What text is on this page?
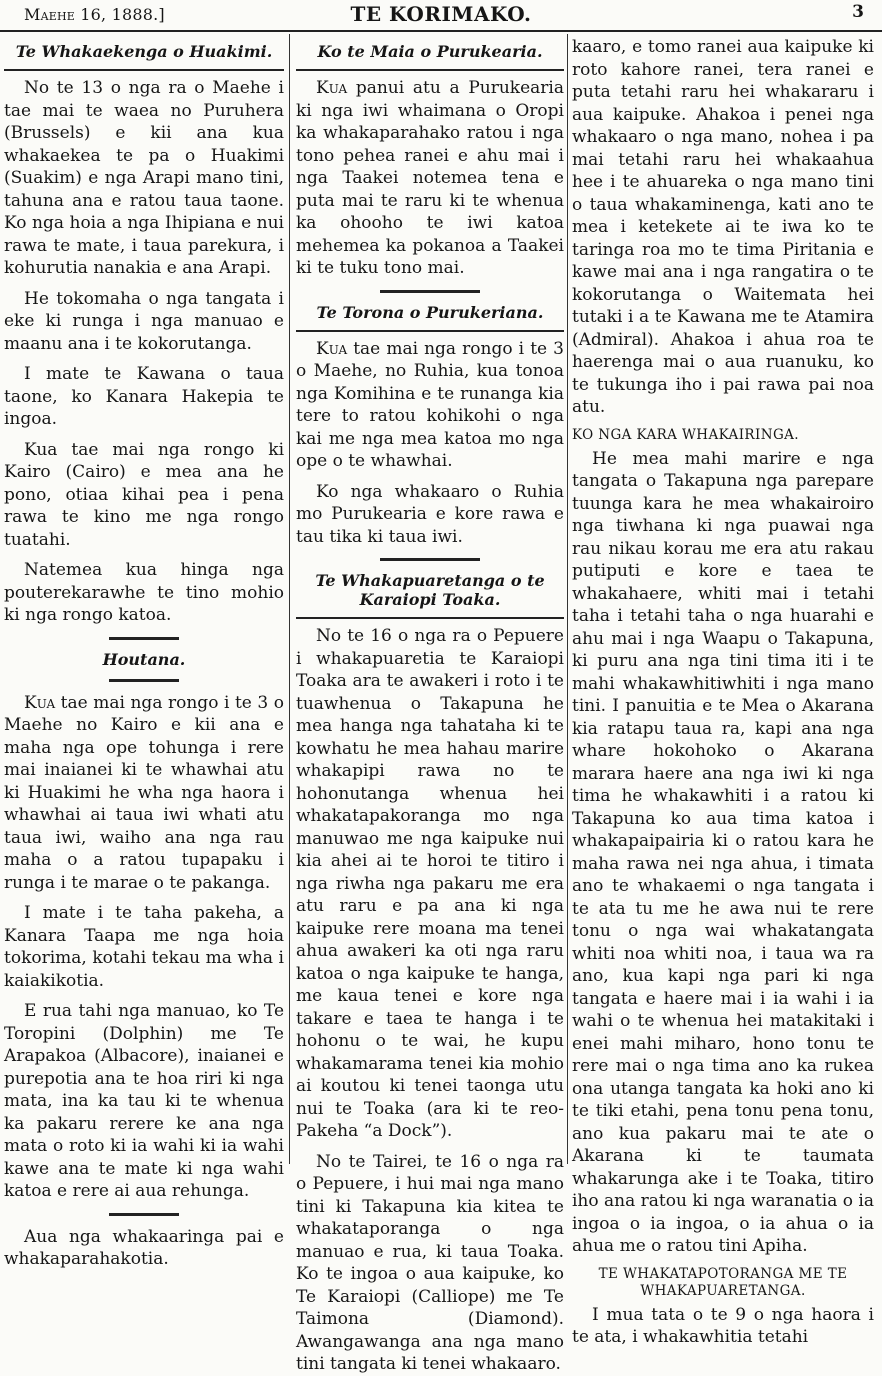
Maehe 16, 1888.]	TE KORIMAKO.	3
Te Whakaekenga o Huakimi.

No te 13 o nga ra o Maehe i tae mai te waea no Puruhera (Brussels) e kii ana kua whakaekea te pa o Huakimi (Suakim) e nga Arapi mano tini, tahuna ana e ratou taua taone. Ko nga hoia a nga Ihipiana e nui rawa te mate, i taua parekura, i kohurutia nanakia e ana Arapi.

He tokomaha o nga tangata i eke ki runga i nga manuao e maanu ana i te kokorutanga.

I mate te Kawana o taua taone, ko Kanara Hakepia te ingoa.

Kua tae mai nga rongo ki Kairo (Cairo) e mea ana he pono, otiaa kihai pea i pena rawa te kino me nga rongo tuatahi.

Natemea kua hinga nga pouterekarawhe te tino mohio ki nga rongo katoa.

Houtana.

Kua tae mai nga rongo i te 3 o Maehe no Kairo e kii ana e maha nga ope tohunga i rere mai inaianei ki te whawhai atu ki Huakimi he wha nga haora i whawhai ai taua iwi whati atu taua iwi, waiho ana nga rau maha o a ratou tupapaku i runga i te marae o te pakanga.

I mate i te taha pakeha, a Kanara Taapa me nga hoia tokorima, kotahi tekau ma wha i kaiakikotia.

E rua tahi nga manuao, ko Te Toropini (Dolphin) me Te Arapakoa (Albacore), inaianei e purepotia ana te hoa riri ki nga mata, ina ka tau ki te whenua ka pakaru rerere ke ana nga mata o roto ki ia wahi ki ia wahi kawe ana te mate ki nga wahi katoa e rere ai aua rehunga.

Aua nga whakaaringa pai e whakaparahakotia.

Ko te Maia o Purukearia.

Kua panui atu a Purukearia ki nga iwi whaimana o Oropi ka whakaparahako ratou i nga tono pehea ranei e ahu mai i nga Taakei notemea tena e puta mai te raru ki te whenua ka ohooho te iwi katoa mehemea ka pokanoa a Taakei ki te tuku tono mai.

Te Torona o Purukeriana.

Kua tae mai nga rongo i te 3 o Maehe, no Ruhia, kua tonoa nga Komihina e te runanga kia tere to ratou kohikohi o nga kai me nga mea katoa mo nga ope o te whawhai.

Ko nga whakaaro o Ruhia mo Purukearia e kore rawa e tau tika ki taua iwi.

Te Whakapuaretanga o te Karaiopi Toaka.

No te 16 o nga ra o Pepuere i whakapuaretia te Karaiopi Toaka ara te awakeri i roto i te tuawhenua o Takapuna he mea hanga nga tahataha ki te kowhatu he mea hahau marire whakapipi rawa no te hohonutanga whenua hei whakatapakoranga mo nga manuwao me nga kaipuke nui kia ahei ai te horoi te titiro i nga riwha nga pakaru me era atu raru e pa ana ki nga kaipuke rere moana ma tenei ahua awakeri ka oti nga raru katoa o nga kaipuke te hanga, me kaua tenei e kore nga takare e taea te hanga i te hohonu o te wai, he kupu whakamarama tenei kia mohio ai koutou ki tenei taonga utu nui te Toaka (ara ki te reo-Pakeha “a Dock”).

No te Tairei, te 16 o nga ra o Pepuere, i hui mai nga mano tini ki Takapuna kia kitea te whakataporanga o nga manuao e rua, ki taua Toaka. Ko te ingoa o aua kaipuke, ko Te Karaiopi (Calliope) me Te Taimona (Diamond). Awangawanga ana nga mano tini tangata ki tenei whakaaro.

kaaro, e tomo ranei aua kaipuke ki roto kahore ranei, tera ranei e puta tetahi raru hei whakararu i aua kaipuke. Ahakoa i penei nga whakaaro o nga mano, nohea i pa mai tetahi raru hei whakaahua hee i te ahuareka o nga mano tini o taua whakaminenga, kati ano te mea i ketekete ai te iwa ko te taringa roa mo te tima Piritania e kawe mai ana i nga rangatira o te kokorutanga o Waitemata hei tutaki i a te Kawana me te Atamira (Admiral). Ahakoa i ahua roa te haerenga mai o aua ruanuku, ko te tukunga iho i pai rawa pai noa atu.

KO NGA KARA WHAKAIRINGA.

He mea mahi marire e nga tangata o Takapuna nga parepare tuunga kara he mea whakairoiro nga tiwhana ki nga puawai nga rau nikau korau me era atu rakau putiputi e kore e taea te whakahaere, whiti mai i tetahi taha i tetahi taha o nga huarahi e ahu mai i nga Waapu o Takapuna, ki puru ana nga tini tima iti i te mahi whakawhitiwhiti i nga mano tini. I panuitia e te Mea o Akarana kia ratapu taua ra, kapi ana nga whare hokohoko o Akarana marara haere ana nga iwi ki nga tima he whakawhiti i a ratou ki Takapuna ko aua tima katoa i whakapaipairia ki o ratou kara he maha rawa nei nga ahua, i timata ano te whakaemi o nga tangata i te ata tu me he awa nui te rere tonu o nga wai whakatangata whiti noa whiti noa, i taua wa ra ano, kua kapi nga pari ki nga tangata e haere mai i ia wahi i ia wahi o te whenua hei matakitaki i enei mahi miharo, hono tonu te rere mai o nga tima ano ka rukea ona utanga tangata ka hoki ano ki te tiki etahi, pena tonu pena tonu, ano kua pakaru mai te ate o Akarana ki te taumata whakarunga ake i te Toaka, titiro iho ana ratou ki nga waranatia o ia ingoa o ia ingoa, o ia ahua o ia ahua me o ratou tini Apiha.

TE WHAKATAPOTORANGA ME TE WHAKAPUARETANGA.

I mua tata o te 9 o nga haora i te ata, i whakawhitia tetahi
